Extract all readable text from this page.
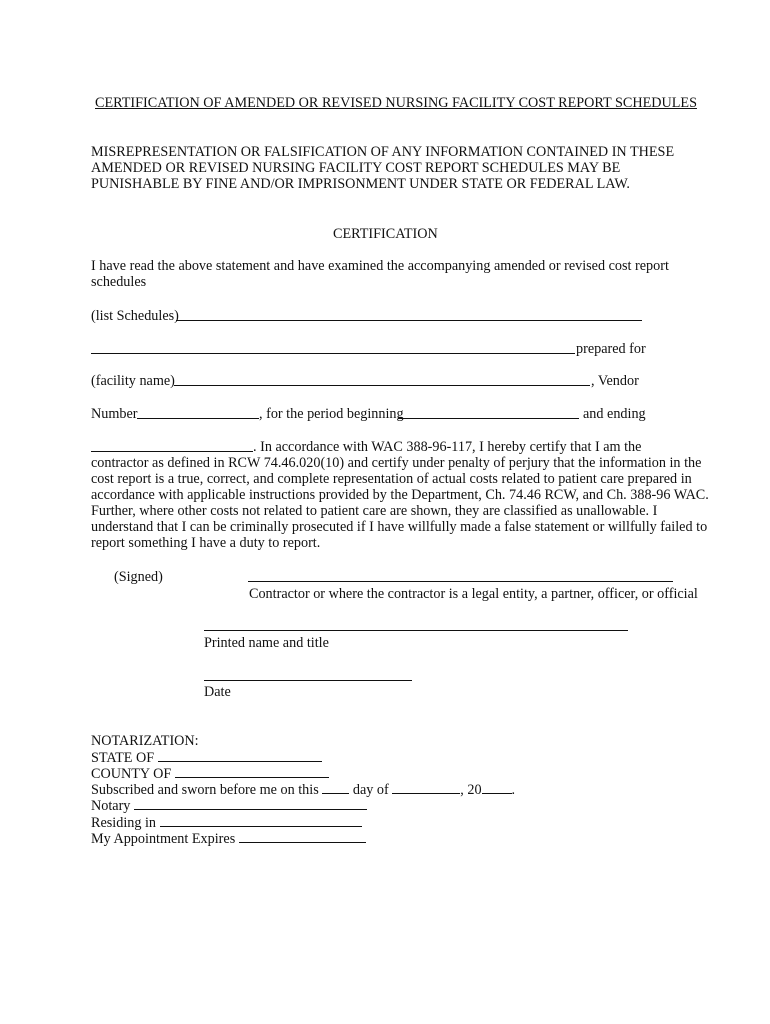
CERTIFICATION OF AMENDED OR REVISED NURSING FACILITY COST REPORT SCHEDULES
MISREPRESENTATION OR FALSIFICATION OF ANY INFORMATION CONTAINED IN THESE
AMENDED OR REVISED NURSING FACILITY COST REPORT SCHEDULES MAY BE
PUNISHABLE BY FINE AND/OR IMPRISONMENT UNDER STATE OR FEDERAL LAW.
CERTIFICATION
I have read the above statement and have examined the accompanying amended or revised cost report
schedules
(list Schedules)
prepared for
(facility name)	, Vendor
Number	, for the period beginning	and ending
. In accordance with WAC 388-96-117, I hereby certify that I am the
contractor as defined in RCW 74.46.020(10) and certify under penalty of perjury that the information in the
cost report is a true, correct, and complete representation of actual costs related to patient care prepared in
accordance with applicable instructions provided by the Department, Ch. 74.46 RCW, and Ch. 388-96 WAC.
Further, where other costs not related to patient care are shown, they are classified as unallowable. I
understand that I can be criminally prosecuted if I have willfully made a false statement or willfully failed to
report something I have a duty to report.
(Signed)
Contractor or where the contractor is a legal entity, a partner, officer, or official
Printed name and title
Date
NOTARIZATION:
STATE OF
COUNTY OF
Subscribed and sworn before me on this day of	, 20 .
Notary
Residing in
My Appointment Expires
